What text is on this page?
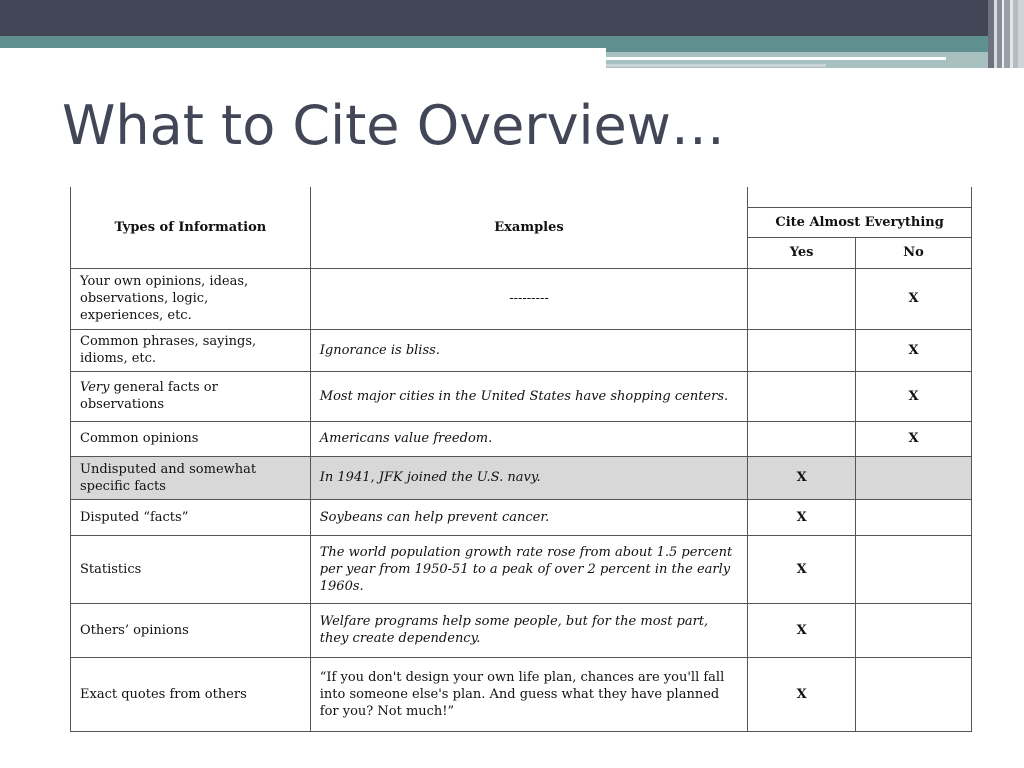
What to Cite Overview…
Types of Information	Examples		
		Cite Almost Everything	
		Yes	No
Your own opinions, ideas,
observations, logic,
experiences, etc.	---------		X
Common phrases, sayings,
idioms, etc.	Ignorance is bliss.		X
Very general facts or
observations	Most major cities in the United States have shopping centers.		X
Common opinions	Americans value freedom.		X
Undisputed and somewhat
specific facts	In 1941, JFK joined the U.S. navy.	X	
Disputed “facts”	Soybeans can help prevent cancer.	X	
Statistics	The world population growth rate rose from about 1.5 percent per year from 1950-51 to a peak of over 2 percent in the early 1960s.	X	
Others’ opinions	Welfare programs help some people, but for the most part, they create dependency.	X	
Exact quotes from others	“If you don't design your own life plan, chances are you'll fall into someone else's plan. And guess what they have planned for you? Not much!”	X	
